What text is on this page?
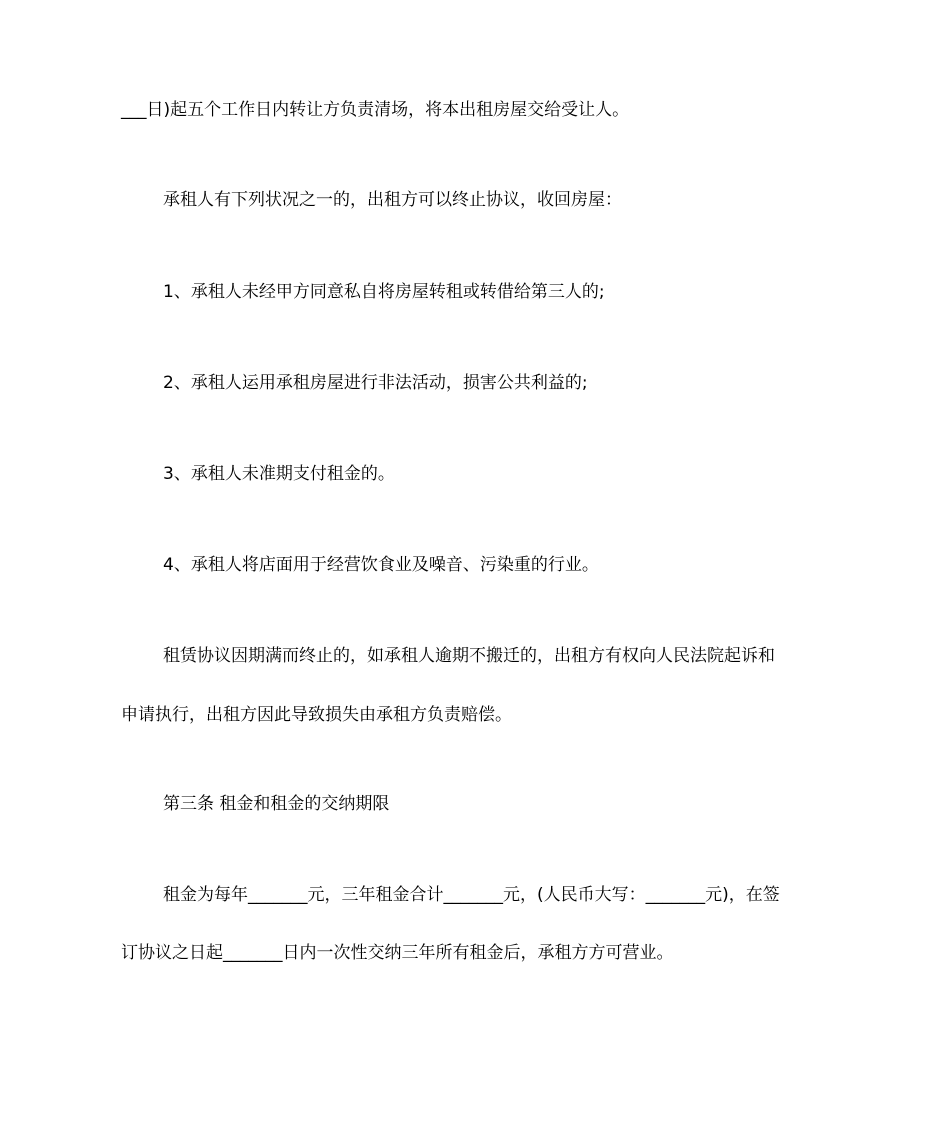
___日)起五个工作日内转让方负责清场，将本出租房屋交给受让人。
承租人有下列状况之一的，出租方可以终止协议，收回房屋：
1、承租人未经甲方同意私自将房屋转租或转借给第三人的;
2、承租人运用承租房屋进行非法活动，损害公共利益的;
3、承租人未准期支付租金的。
4、承租人将店面用于经营饮食业及噪音、污染重的行业。
租赁协议因期满而终止的，如承租人逾期不搬迁的，出租方有权向人民法院起诉和
申请执行，出租方因此导致损失由承租方负责赔偿。
第三条 租金和租金的交纳期限
租金为每年_______元，三年租金合计_______元，(人民币大写：_______元)，在签
订协议之日起_______日内一次性交纳三年所有租金后，承租方方可营业。
